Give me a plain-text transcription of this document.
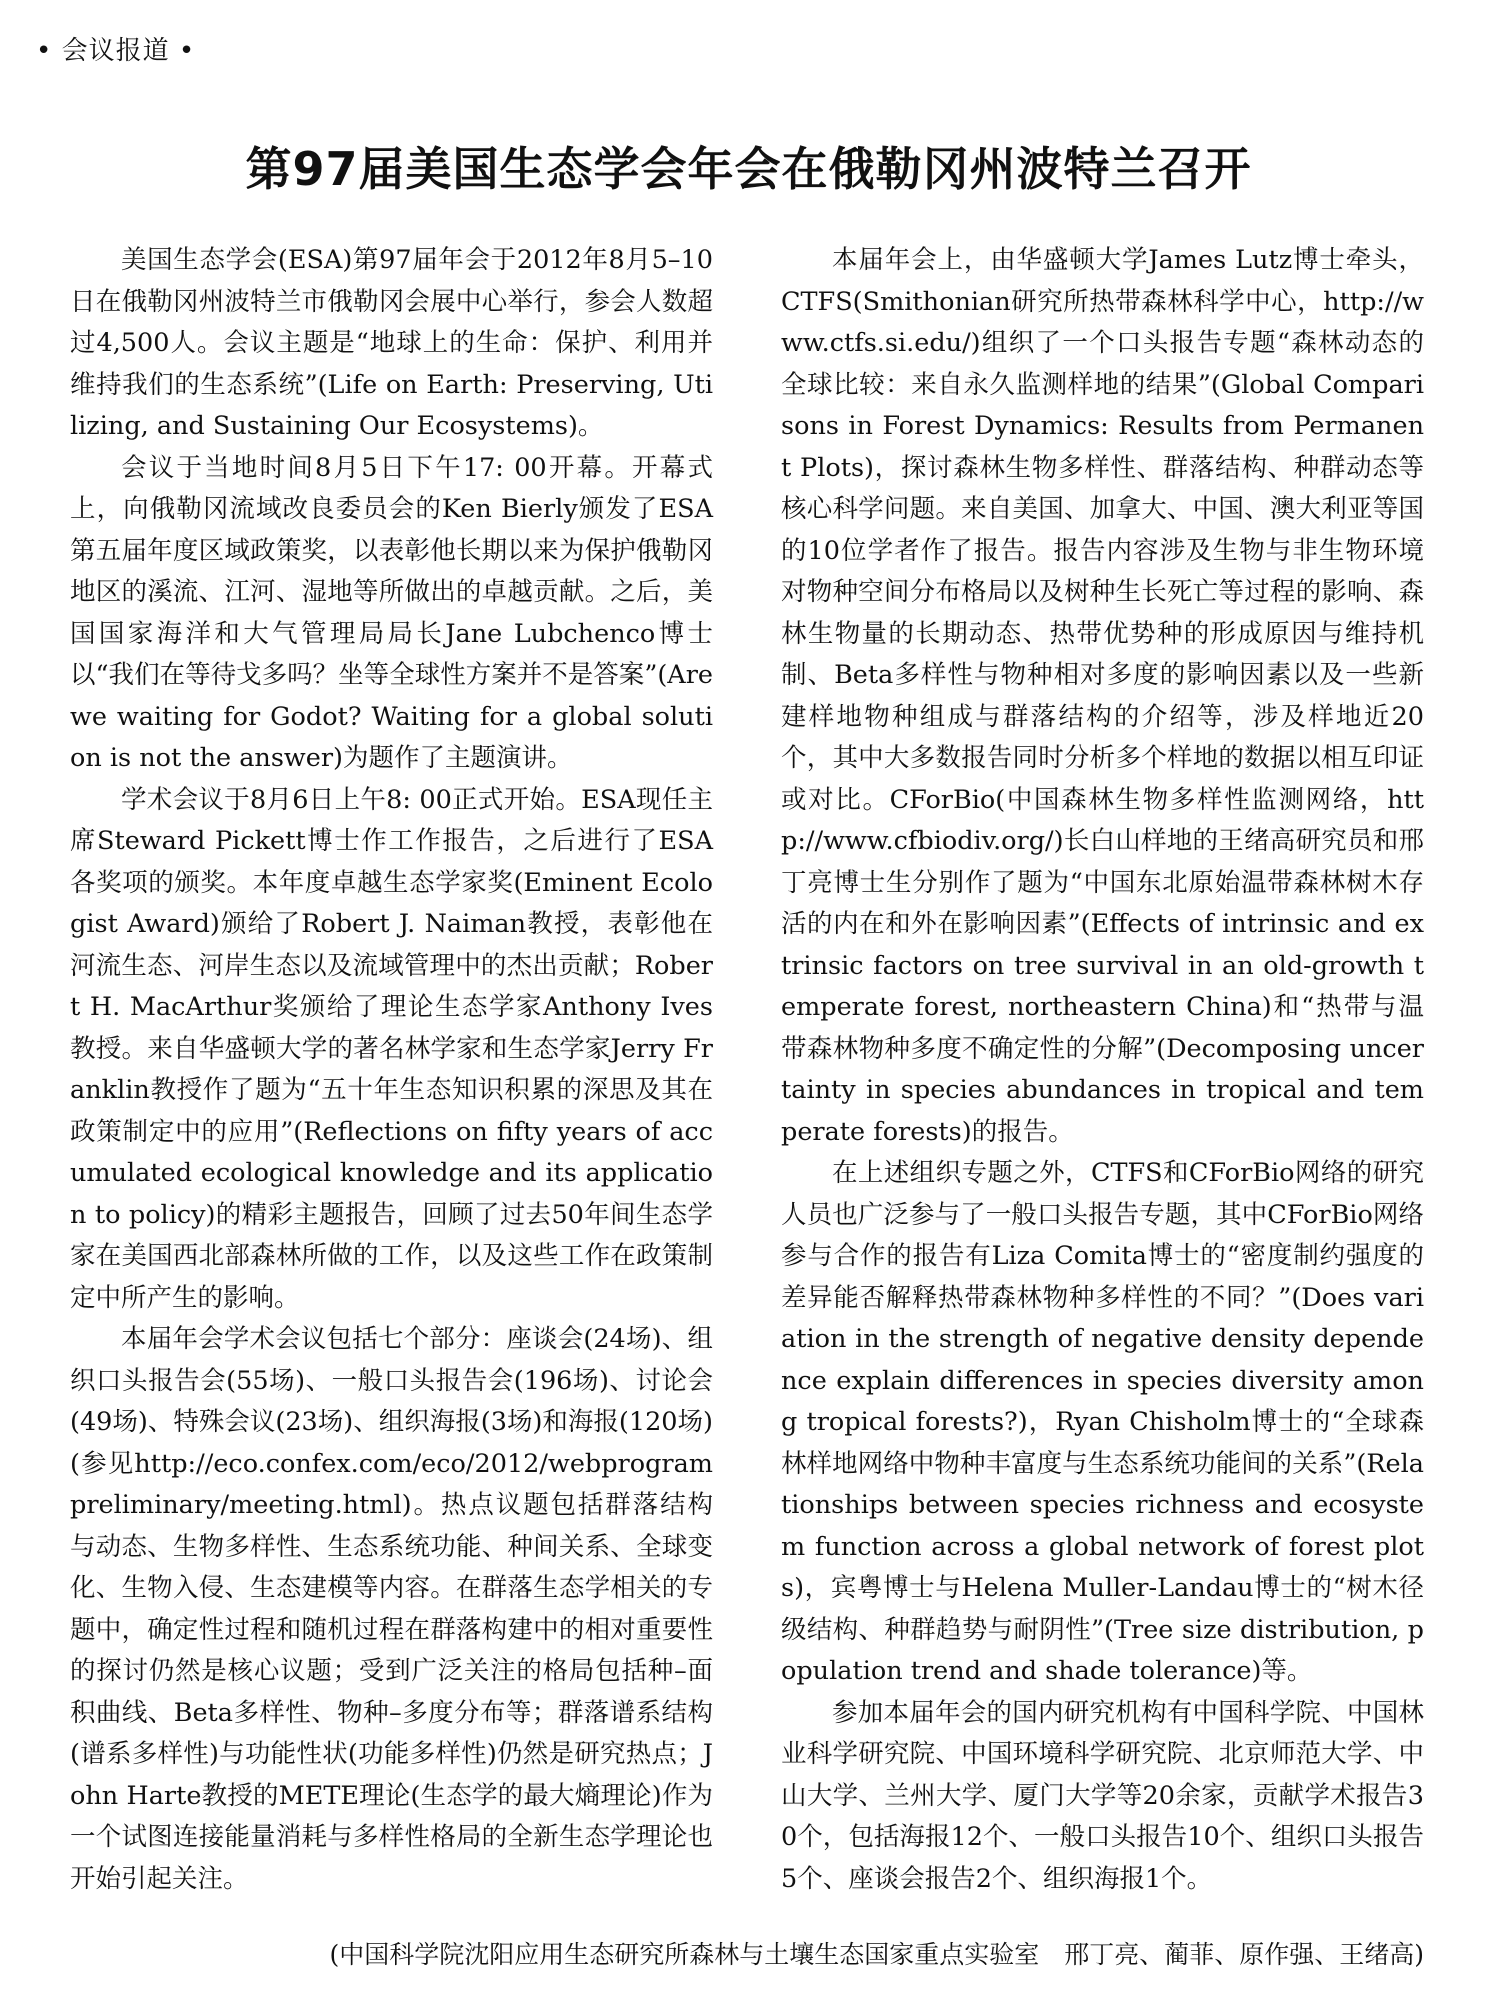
• 会议报道 •
第97届美国生态学会年会在俄勒冈州波特兰召开

美国生态学会(ESA)第97届年会于2012年8月5–10日在俄勒冈州波特兰市俄勒冈会展中心举行，参会人数超过4,500人。会议主题是“地球上的生命：保护、利用并维持我们的生态系统”(Life on Earth: Preserving, Utilizing, and Sustaining Our Ecosystems)。

会议于当地时间8月5日下午17: 00开幕。开幕式上，向俄勒冈流域改良委员会的Ken Bierly颁发了ESA第五届年度区域政策奖，以表彰他长期以来为保护俄勒冈地区的溪流、江河、湿地等所做出的卓越贡献。之后，美国国家海洋和大气管理局局长Jane Lubchenco博士以“我们在等待戈多吗？坐等全球性方案并不是答案”(Are we waiting for Godot? Waiting for a global solution is not the answer)为题作了主题演讲。

学术会议于8月6日上午8: 00正式开始。ESA现任主席Steward Pickett博士作工作报告，之后进行了ESA各奖项的颁奖。本年度卓越生态学家奖(Eminent Ecologist Award)颁给了Robert J. Naiman教授，表彰他在河流生态、河岸生态以及流域管理中的杰出贡献；Robert H. MacArthur奖颁给了理论生态学家Anthony Ives教授。来自华盛顿大学的著名林学家和生态学家Jerry Franklin教授作了题为“五十年生态知识积累的深思及其在政策制定中的应用”(Reflections on fifty years of accumulated ecological knowledge and its application to policy)的精彩主题报告，回顾了过去50年间生态学家在美国西北部森林所做的工作，以及这些工作在政策制定中所产生的影响。

本届年会学术会议包括七个部分：座谈会(24场)、组织口头报告会(55场)、一般口头报告会(196场)、讨论会(49场)、特殊会议(23场)、组织海报(3场)和海报(120场)(参见http://eco.confex.com/eco/2012/webprogrampreliminary/meeting.html)。热点议题包括群落结构与动态、生物多样性、生态系统功能、种间关系、全球变化、生物入侵、生态建模等内容。在群落生态学相关的专题中，确定性过程和随机过程在群落构建中的相对重要性的探讨仍然是核心议题；受到广泛关注的格局包括种–面积曲线、Beta多样性、物种–多度分布等；群落谱系结构(谱系多样性)与功能性状(功能多样性)仍然是研究热点；John Harte教授的METE理论(生态学的最大熵理论)作为一个试图连接能量消耗与多样性格局的全新生态学理论也开始引起关注。

本届年会上，由华盛顿大学James Lutz博士牵头，CTFS(Smithonian研究所热带森林科学中心，http://www.ctfs.si.edu/)组织了一个口头报告专题“森林动态的全球比较：来自永久监测样地的结果”(Global Comparisons in Forest Dynamics: Results from Permanent Plots)，探讨森林生物多样性、群落结构、种群动态等核心科学问题。来自美国、加拿大、中国、澳大利亚等国的10位学者作了报告。报告内容涉及生物与非生物环境对物种空间分布格局以及树种生长死亡等过程的影响、森林生物量的长期动态、热带优势种的形成原因与维持机制、Beta多样性与物种相对多度的影响因素以及一些新建样地物种组成与群落结构的介绍等，涉及样地近20个，其中大多数报告同时分析多个样地的数据以相互印证或对比。CForBio(中国森林生物多样性监测网络，http://www.cfbiodiv.org/)长白山样地的王绪高研究员和邢丁亮博士生分别作了题为“中国东北原始温带森林树木存活的内在和外在影响因素”(Effects of intrinsic and extrinsic factors on tree survival in an old-growth temperate forest, northeastern China)和“热带与温带森林物种多度不确定性的分解”(Decomposing uncertainty in species abundances in tropical and temperate forests)的报告。

在上述组织专题之外，CTFS和CForBio网络的研究人员也广泛参与了一般口头报告专题，其中CForBio网络参与合作的报告有Liza Comita博士的“密度制约强度的差异能否解释热带森林物种多样性的不同？”(Does variation in the strength of negative density dependence explain differences in species diversity among tropical forests?)，Ryan Chisholm博士的“全球森林样地网络中物种丰富度与生态系统功能间的关系”(Relationships between species richness and ecosystem function across a global network of forest plots)，宾粤博士与Helena Muller-Landau博士的“树木径级结构、种群趋势与耐阴性”(Tree size distribution, population trend and shade tolerance)等。

参加本届年会的国内研究机构有中国科学院、中国林业科学研究院、中国环境科学研究院、北京师范大学、中山大学、兰州大学、厦门大学等20余家，贡献学术报告30个，包括海报12个、一般口头报告10个、组织口头报告5个、座谈会报告2个、组织海报1个。

(中国科学院沈阳应用生态研究所森林与土壤生态国家重点实验室　邢丁亮、蔺菲、原作强、王绪高)
